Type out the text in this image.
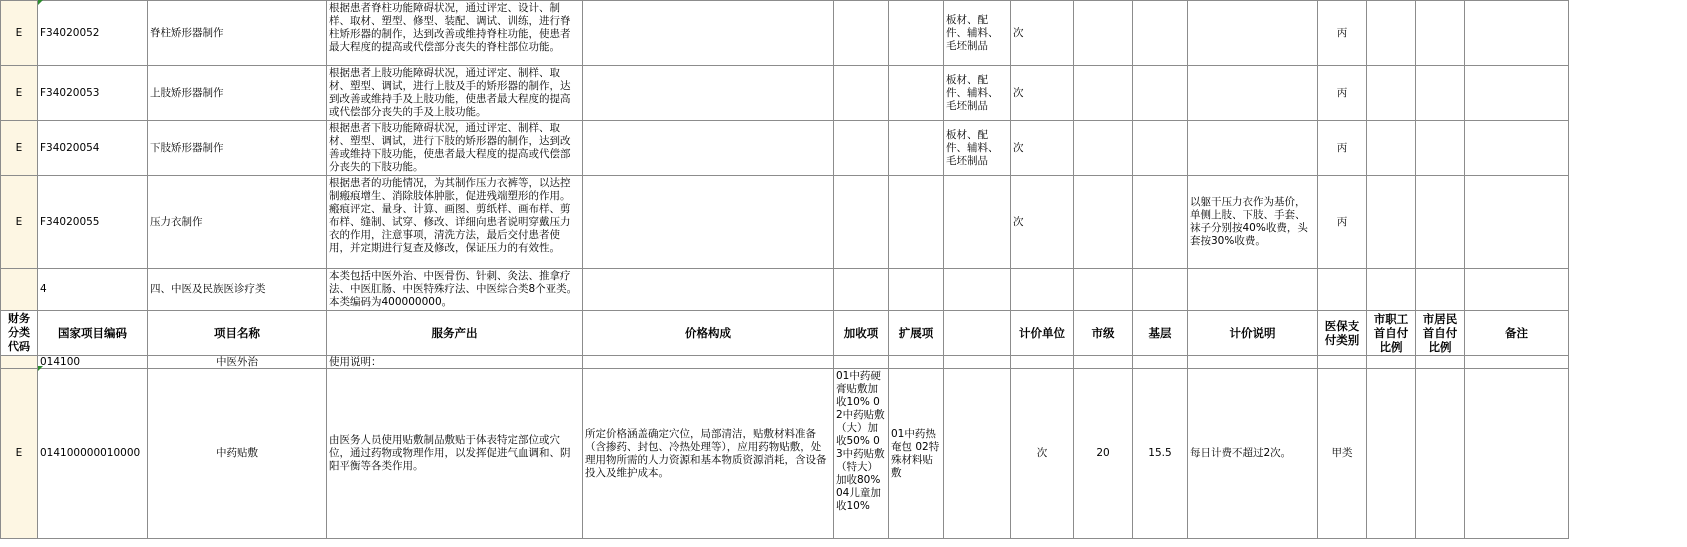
E	F34020052	脊柱矫形器制作	根据患者脊柱功能障碍状况，通过评定、设计、制样、取材、塑型、修型、装配、调试、训练，进行脊柱矫形器的制作，达到改善或维持脊柱功能，使患者最大程度的提高或代偿部分丧失的脊柱部位功能。				板材、配件、辅料、毛坯制品	次				丙			
E	F34020053	上肢矫形器制作	根据患者上肢功能障碍状况，通过评定、制样、取材、塑型、调试，进行上肢及手的矫形器的制作，达到改善或维持手及上肢功能，使患者最大程度的提高或代偿部分丧失的手及上肢功能。				板材、配件、辅料、毛坯制品	次				丙			
E	F34020054	下肢矫形器制作	根据患者下肢功能障碍状况，通过评定、制样、取材、塑型、调试，进行下肢的矫形器的制作，达到改善或维持下肢功能，使患者最大程度的提高或代偿部分丧失的下肢功能。				板材、配件、辅料、毛坯制品	次				丙			
E	F34020055	压力衣制作	根据患者的功能情况，为其制作压力衣裤等，以达控制瘢痕增生、消除肢体肿胀，促进残端塑形的作用。瘢痕评定、量身、计算、画图、剪纸样、画布样、剪布样、缝制、试穿、修改、详细向患者说明穿戴压力衣的作用，注意事项，清洗方法，最后交付患者使用，并定期进行复查及修改，保证压力的有效性。					次			以躯干压力衣作为基价，单侧上肢、下肢、手套、袜子分别按40%收费，头套按30%收费。	丙			
	4	四、中医及民族医诊疗类	本类包括中医外治、中医骨伤、针刺、灸法、推拿疗法、中医肛肠、中医特殊疗法、中医综合类8个亚类。本类编码为400000000。												
财务分类代码	国家项目编码	项目名称	服务产出	价格构成	加收项	扩展项		计价单位	市级	基层	计价说明	医保支付类别	市职工首自付比例	市居民首自付比例	备注
	014100	中医外治	使用说明：												
E	014100000010000	中药贴敷	由医务人员使用贴敷制品敷贴于体表特定部位或穴位，通过药物或物理作用，以发挥促进气血调和、阴阳平衡等各类作用。	所定价格涵盖确定穴位，局部清洁，贴敷材料准备（含掺药、封包、冷热处理等），应用药物贴敷，处理用物所需的人力资源和基本物质资源消耗，含设备投入及维护成本。	01中药硬膏贴敷加收10% 02中药贴敷（大）加收50% 03中药贴敷（特大）加收80% 04儿童加收10%	01中药热奄包 02特殊材料贴敷		次	20	15.5	每日计费不超过2次。	甲类			
